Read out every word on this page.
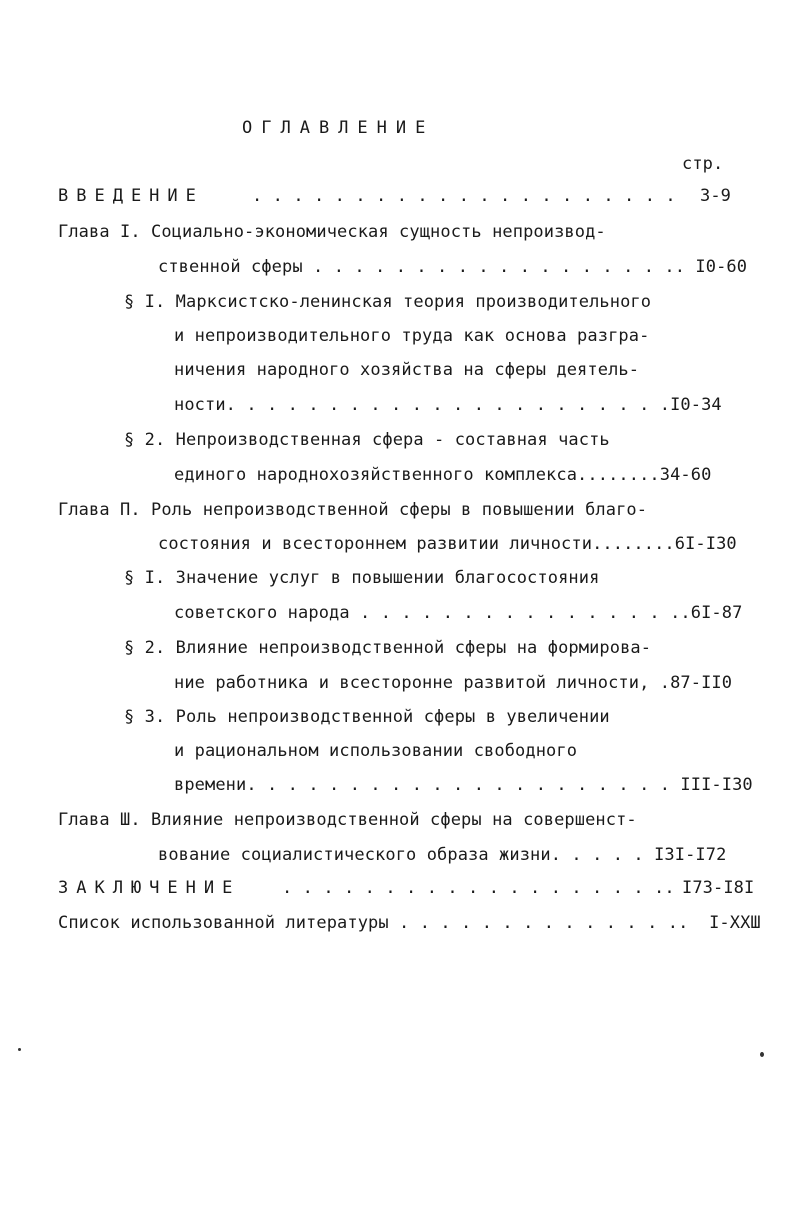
ОГЛАВЛЕНИЕ
стр.
ВВЕДЕНИЕ	. . . . . . . . . . . . . . . . . . . . . 3-9
Глава I. Социально-экономическая сущность непроизвод-
ственной сферы . . . . . . . . . . . . . . . . . .. I0-60
§ I. Марксистско-ленинская теория производительного
и непроизводительного труда как основа разгра-
ничения народного хозяйства на сферы деятель-
ности. . . . . . . . . . . . . . . . . . . . . .I0-34
§ 2. Непроизводственная сфера - составная часть
единого народнохозяйственного комплекса........34-60
Глава П. Роль непроизводственной сферы в повышении благо-
состояния и всестороннем развитии личности........6I-I30
§ I. Значение услуг в повышении благосостояния
советского народа . . . . . . . . . . . . . . . ..6I-87
§ 2. Влияние непроизводственной сферы на формирова-
ние работника и всесторонне развитой личности, .87-II0
§ 3. Роль непроизводственной сферы в увеличении
и рациональном использовании свободного
времени. . . . . . . . . . . . . . . . . . . . . III-I30
Глава Ш. Влияние непроизводственной сферы на совершенст-
вование социалистического образа жизни. . . . . I3I-I72
ЗАКЛЮЧЕНИЕ . . . . . . . . . . . . . . . . . . .. I73-I8I
Список использованной литературы . . . . . . . . . . . . . ..  I-XXШ
